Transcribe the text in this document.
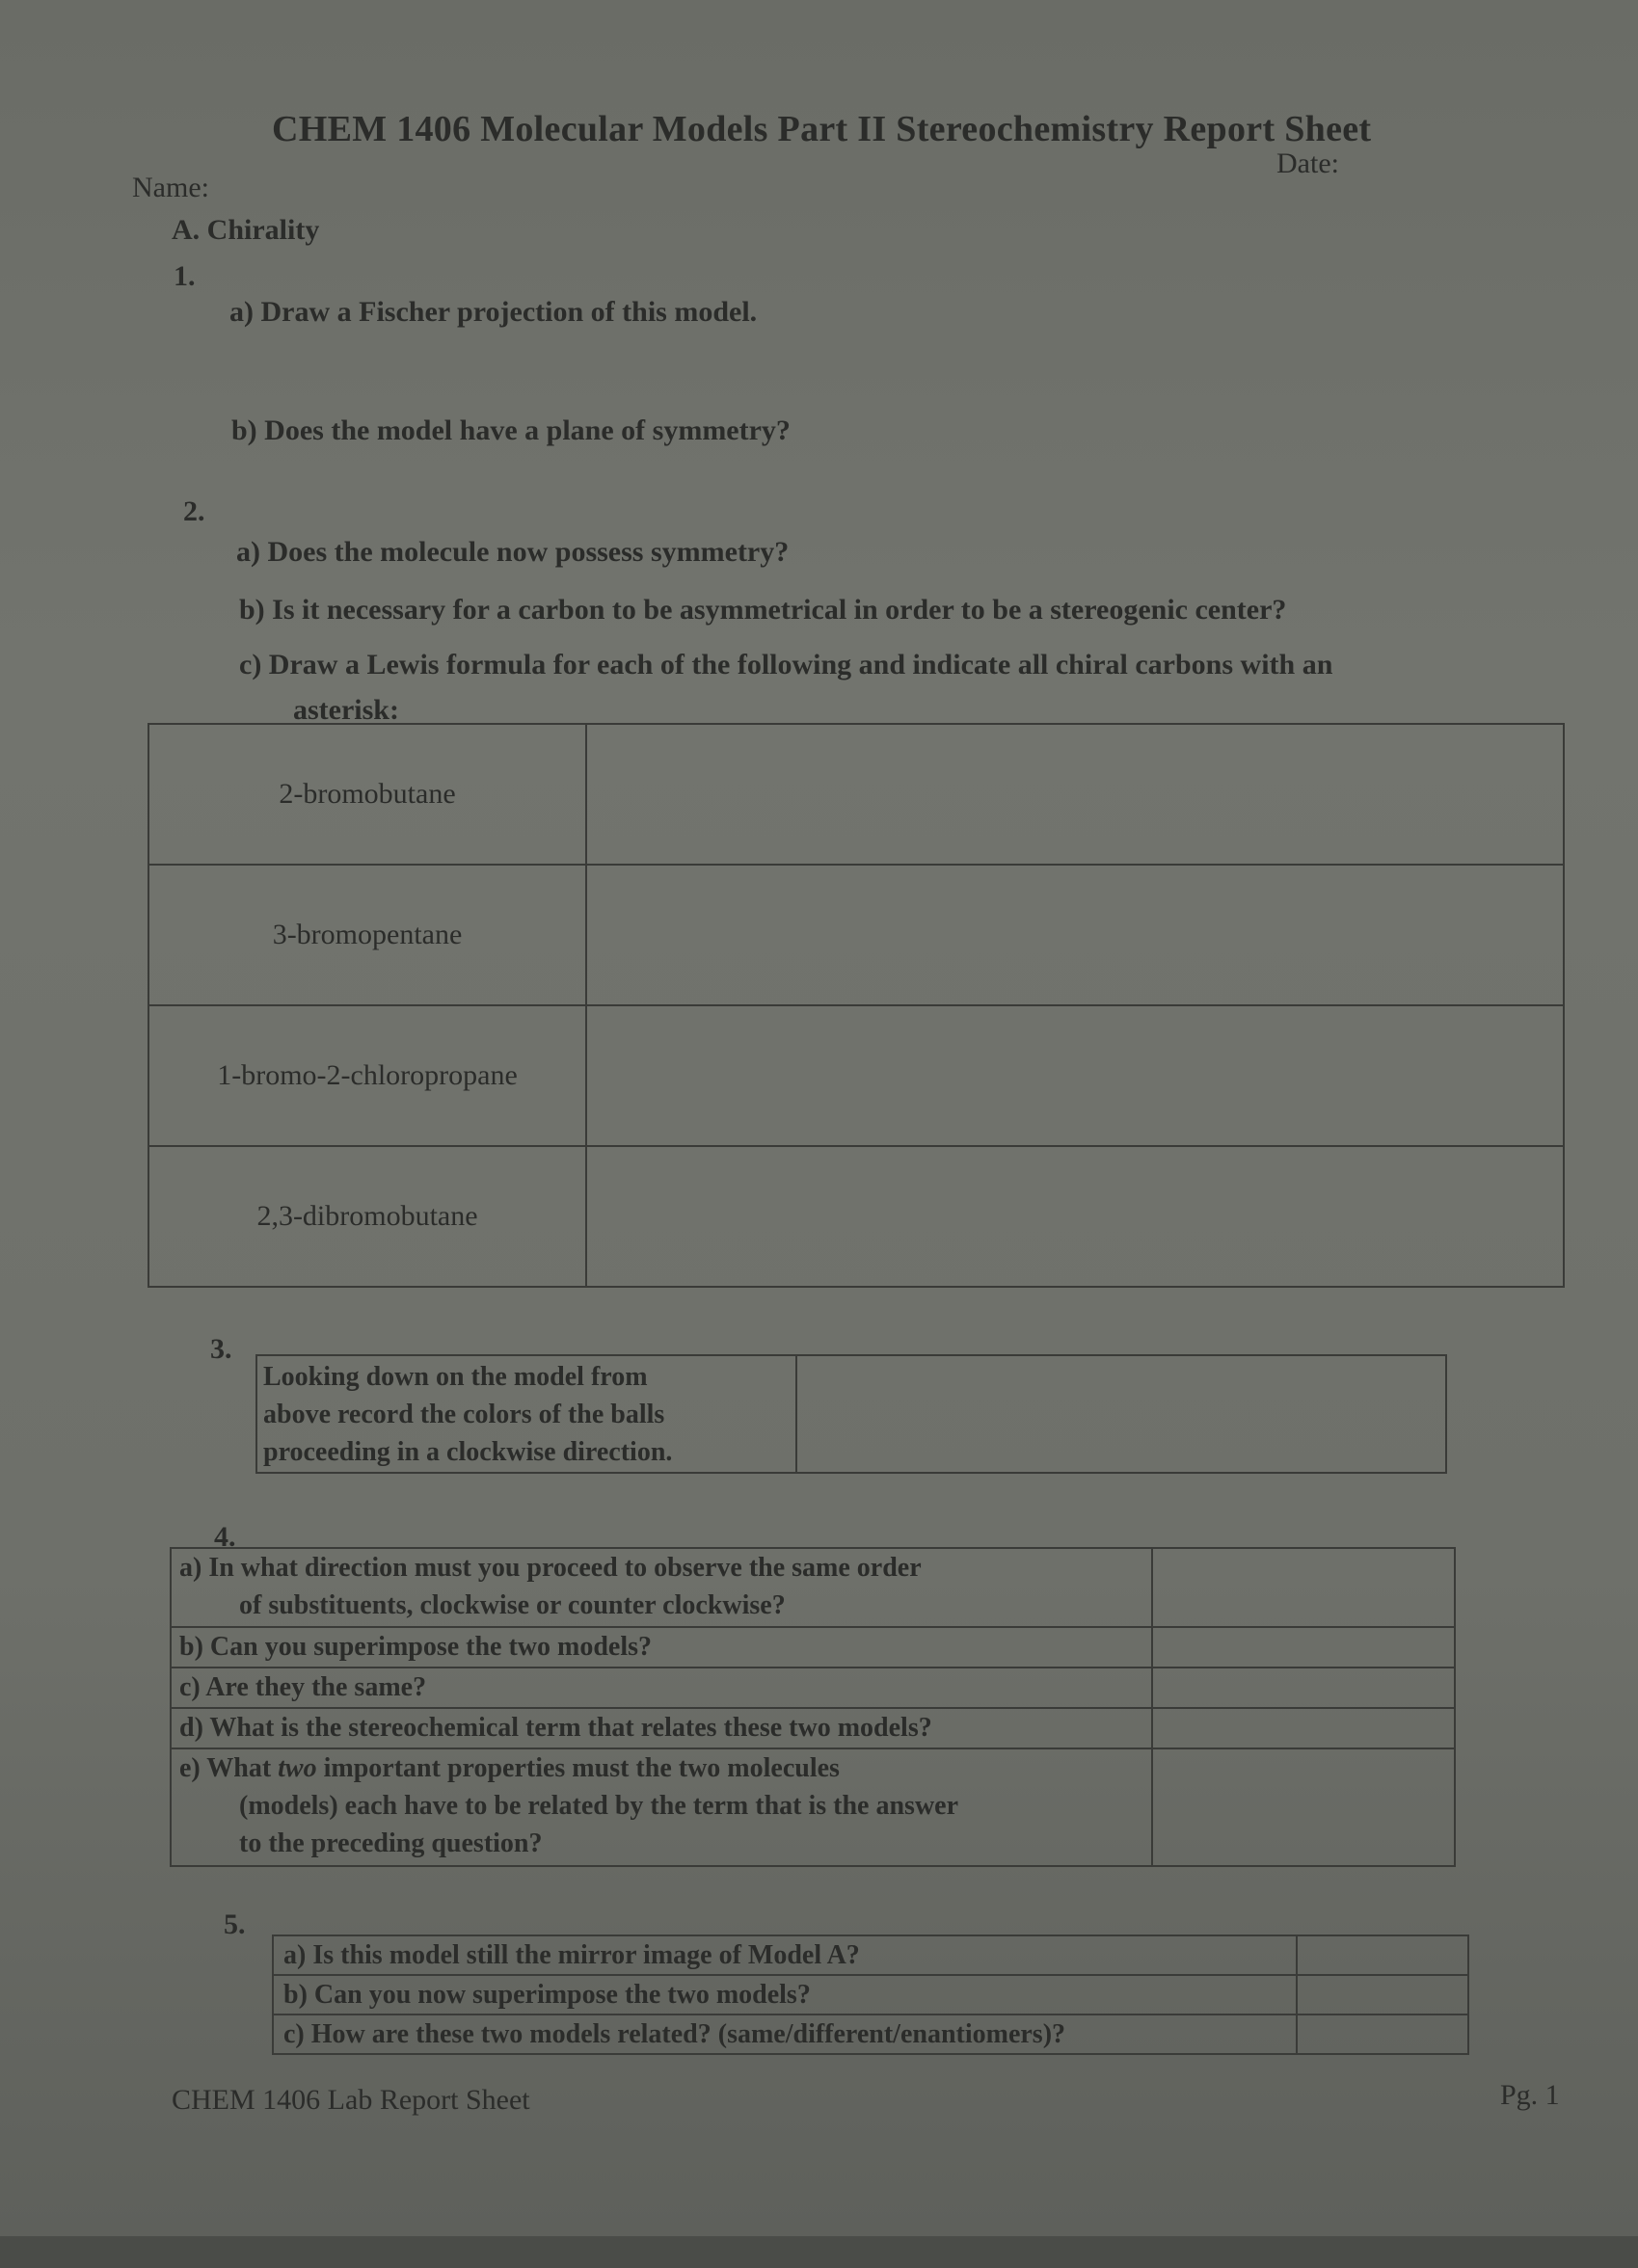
CHEM 1406 Molecular Models Part II Stereochemistry Report Sheet
Date:
Name:
A. Chirality
1.
a) Draw a Fischer projection of this model.
b) Does the model have a plane of symmetry?
2.
a) Does the molecule now possess symmetry?
b) Is it necessary for a carbon to be asymmetrical in order to be a stereogenic center?
c) Draw a Lewis formula for each of the following and indicate all chiral carbons with an
asterisk:
2-bromobutane	
3-bromopentane	
1-bromo-2-chloropropane	
2,3-dibromobutane	
3.
Looking down on the model from
above record the colors of the balls
proceeding in a clockwise direction.

4.
a) In what direction must you proceed to observe the same order
of substituents, clockwise or counter clockwise?	

b) Can you superimpose the two models?	
c) Are they the same?	
d) What is the stereochemical term that relates these two models?	

e) What two important properties must the two molecules
(models) each have to be related by the term that is the answer
to the preceding question?	

5.
a) Is this model still the mirror image of Model A?	
b) Can you now superimpose the two models?	
c) How are these two models related? (same/different/enantiomers)?	
CHEM 1406 Lab Report Sheet	Pg. 1
